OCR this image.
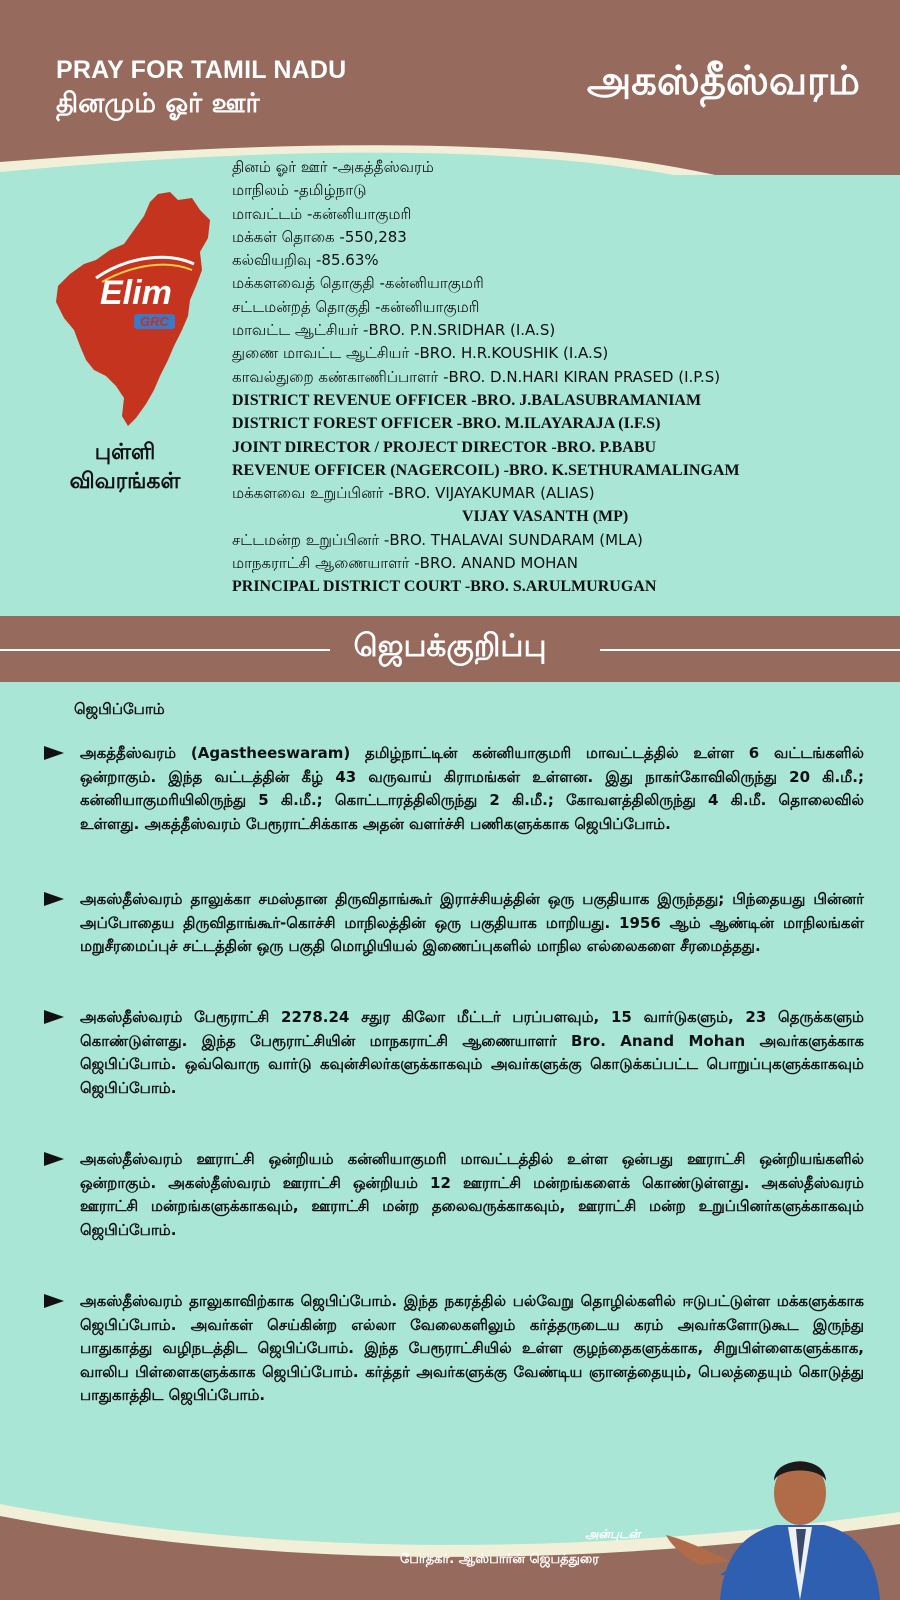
PRAY FOR TAMIL NADU
தினமும் ஓர் ஊர்	அகஸ்தீஸ்வரம்
Elim
GRC
புள்ளி
விவரங்கள்
தினம் ஓர் ஊர் -அகத்தீஸ்வரம்
மாநிலம் -தமிழ்நாடு
மாவட்டம் -கன்னியாகுமரி
மக்கள் தொகை -550,283
கல்வியறிவு -85.63%
மக்களவைத் தொகுதி -கன்னியாகுமரி
சட்டமன்றத் தொகுதி -கன்னியாகுமரி
மாவட்ட ஆட்சியர் -BRO. P.N.SRIDHAR (I.A.S)
துணை மாவட்ட ஆட்சியர் -BRO. H.R.KOUSHIK (I.A.S)
காவல்துறை கண்காணிப்பாளர் -BRO. D.N.HARI KIRAN PRASED (I.P.S)
DISTRICT REVENUE OFFICER -BRO. J.BALASUBRAMANIAM
DISTRICT FOREST OFFICER -BRO. M.ILAYARAJA (I.F.S)
JOINT DIRECTOR / PROJECT DIRECTOR -BRO. P.BABU
REVENUE OFFICER (NAGERCOIL) -BRO. K.SETHURAMALINGAM
மக்களவை உறுப்பினர் -BRO. VIJAYAKUMAR (ALIAS)
VIJAY VASANTH (MP)
சட்டமன்ற உறுப்பினர் -BRO. THALAVAI SUNDARAM (MLA)
மாநகராட்சி ஆணையாளர் -BRO. ANAND MOHAN
PRINCIPAL DISTRICT COURT -BRO. S.ARULMURUGAN
ஜெபக்குறிப்பு
ஜெபிப்போம்
அகத்தீஸ்வரம் (Agastheeswaram) தமிழ்நாட்டின் கன்னியாகுமரி மாவட்டத்தில் உள்ள 6 வட்டங்களில் ஒன்றாகும். இந்த வட்டத்தின் கீழ் 43 வருவாய் கிராமங்கள் உள்ளன. இது நாகர்கோவிலிருந்து 20 கி.மீ.; கன்னியாகுமரியிலிருந்து 5 கி.மீ.; கொட்டாரத்திலிருந்து 2 கி.மீ.; கோவளத்திலிருந்து 4 கி.மீ. தொலைவில் உள்ளது. அகத்தீஸ்வரம் பேரூராட்சிக்காக அதன் வளர்ச்சி பணிகளுக்காக ஜெபிப்போம்.
அகஸ்தீஸ்வரம் தாலுக்கா சமஸ்தான திருவிதாங்கூர் இராச்சியத்தின் ஒரு பகுதியாக இருந்தது; பிந்தையது பின்னர் அப்போதைய திருவிதாங்கூர்-கொச்சி மாநிலத்தின் ஒரு பகுதியாக மாறியது. 1956 ஆம் ஆண்டின் மாநிலங்கள் மறுசீரமைப்புச் சட்டத்தின் ஒரு பகுதி மொழியியல் இணைப்புகளில் மாநில எல்லைகளை சீரமைத்தது.
அகஸ்தீஸ்வரம் பேரூராட்சி 2278.24 சதுர கிலோ மீட்டர் பரப்பளவும், 15 வார்டுகளும், 23 தெருக்களும் கொண்டுள்ளது. இந்த பேரூராட்சியின் மாநகராட்சி ஆணையாளர் Bro. Anand Mohan அவர்களுக்காக ஜெபிப்போம். ஒவ்வொரு வார்டு கவுன்சிலர்களுக்காகவும் அவர்களுக்கு கொடுக்கப்பட்ட பொறுப்புகளுக்காகவும் ஜெபிப்போம்.
அகஸ்தீஸ்வரம் ஊராட்சி ஒன்றியம் கன்னியாகுமரி மாவட்டத்தில் உள்ள ஒன்பது ஊராட்சி ஒன்றியங்களில் ஒன்றாகும். அகஸ்தீஸ்வரம் ஊராட்சி ஒன்றியம் 12 ஊராட்சி மன்றங்களைக் கொண்டுள்ளது. அகஸ்தீஸ்வரம் ஊராட்சி மன்றங்களுக்காகவும், ஊராட்சி மன்ற தலைவருக்காகவும், ஊராட்சி மன்ற உறுப்பினர்களுக்காகவும் ஜெபிப்போம்.
அகஸ்தீஸ்வரம் தாலுகாவிற்காக ஜெபிப்போம். இந்த நகரத்தில் பல்வேறு தொழில்களில் ஈடுபட்டுள்ள மக்களுக்காக ஜெபிப்போம். அவர்கள் செய்கின்ற எல்லா வேலைகளிலும் கர்த்தருடைய கரம் அவர்களோடுகூட இருந்து பாதுகாத்து வழிநடத்திட ஜெபிப்போம். இந்த பேரூராட்சியில் உள்ள குழந்தைகளுக்காக, சிறுபிள்ளைகளுக்காக, வாலிப பிள்ளைகளுக்காக ஜெபிப்போம். கர்த்தர் அவர்களுக்கு வேண்டிய ஞானத்தையும், பெலத்தையும் கொடுத்து பாதுகாத்திட ஜெபிப்போம்.
அன்புடன்
போதகர். ஆஸ்பார்ன் ஜெபத்துரை
